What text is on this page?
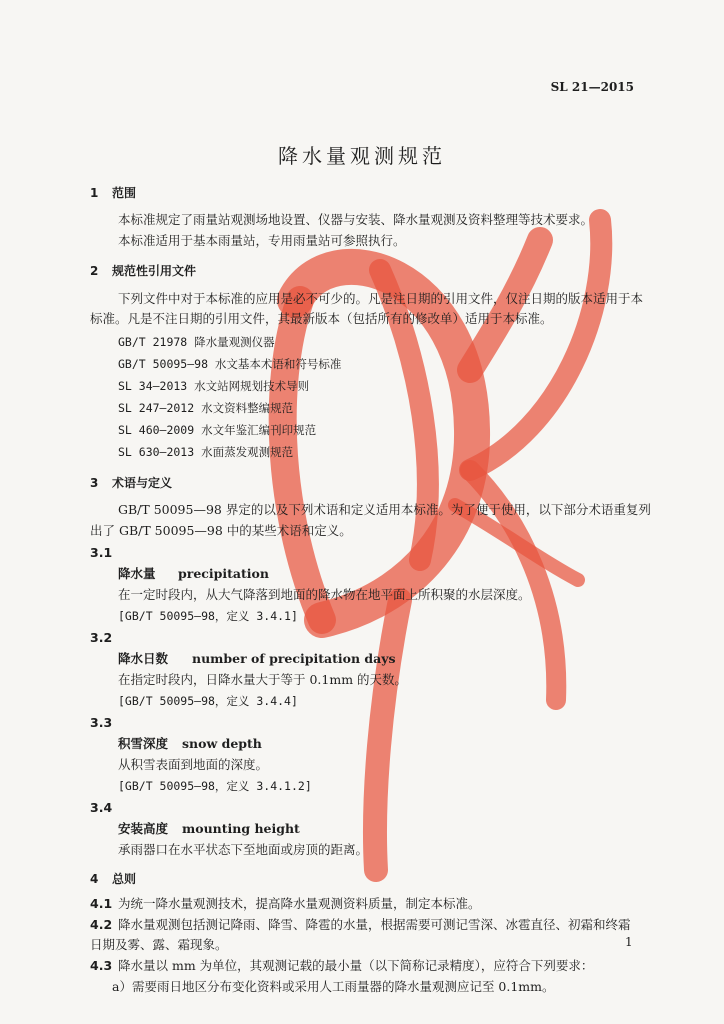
SL 21—2015
降水量观测规范
1 范围
本标准规定了雨量站观测场地设置、仪器与安装、降水量观测及资料整理等技术要求。
本标准适用于基本雨量站，专用雨量站可参照执行。
2 规范性引用文件
下列文件中对于本标准的应用是必不可少的。凡是注日期的引用文件，仅注日期的版本适用于本
标准。凡是不注日期的引用文件，其最新版本（包括所有的修改单）适用于本标准。
GB/T 21978 降水量观测仪器
GB/T 50095—98 水文基本术语和符号标准
SL 34—2013 水文站网规划技术导则
SL 247—2012 水文资料整编规范
SL 460—2009 水文年鉴汇编刊印规范
SL 630—2013 水面蒸发观测规范
3 术语与定义
GB/T 50095—98 界定的以及下列术语和定义适用本标准。为了便于使用，以下部分术语重复列
出了 GB/T 50095—98 中的某些术语和定义。
3.1
降水量 precipitation
在一定时段内，从大气降落到地面的降水物在地平面上所积聚的水层深度。
[GB/T 50095—98，定义 3.4.1]
3.2
降水日数 number of precipitation days
在指定时段内，日降水量大于等于 0.1mm 的天数。
[GB/T 50095—98，定义 3.4.4]
3.3
积雪深度 snow depth
从积雪表面到地面的深度。
[GB/T 50095—98，定义 3.4.1.2]
3.4
安装高度 mounting height
承雨器口在水平状态下至地面或房顶的距离。
4 总则
4.1 为统一降水量观测技术，提高降水量观测资料质量，制定本标准。
4.2 降水量观测包括测记降雨、降雪、降雹的水量，根据需要可测记雪深、冰雹直径、初霜和终霜
日期及雾、露、霜现象。
4.3 降水量以 mm 为单位，其观测记载的最小量（以下简称记录精度），应符合下列要求：
a）需要雨日地区分布变化资料或采用人工雨量器的降水量观测应记至 0.1mm。
1
